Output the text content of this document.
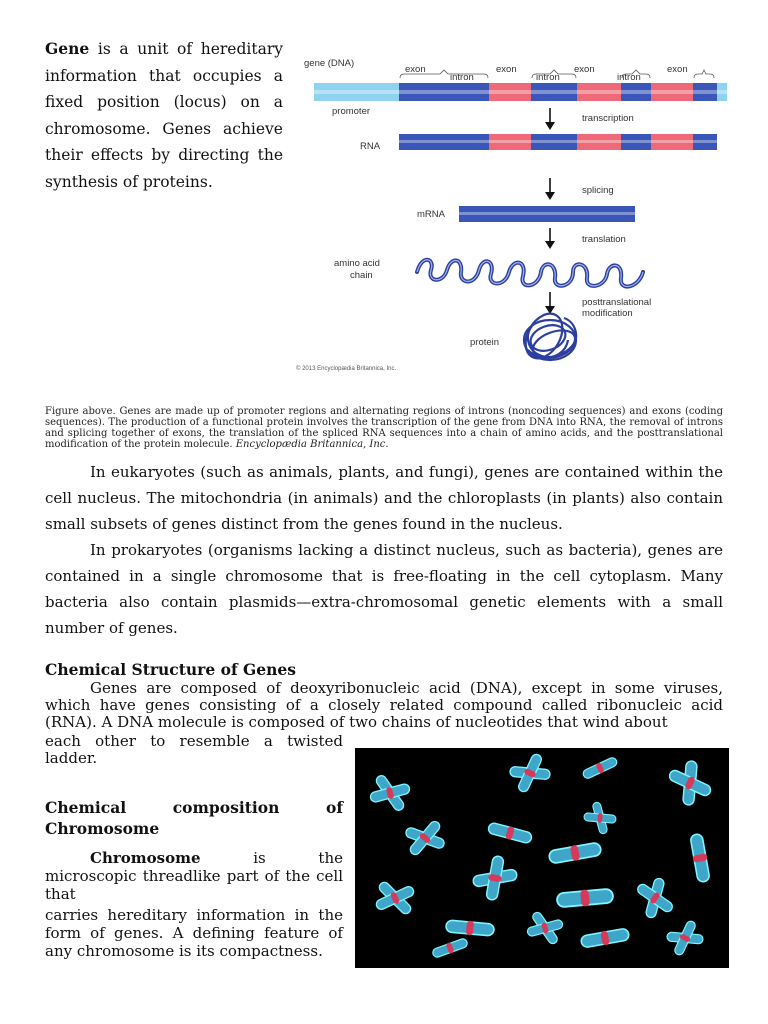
Gene is a unit of hereditary information that occupies a fixed position (locus) on a chromosome. Genes achieve their effects by directing the synthesis of proteins.
gene (DNA)
exon
intron
exon
intron
exon
intron
exon
promoter
transcription
RNA
splicing
mRNA
translation
amino acid
chain
posttranslational
modification
protein
© 2013 Encyclopædia Britannica, Inc.
Figure above. Genes are made up of promoter regions and alternating regions of introns (noncoding sequences) and exons (coding sequences). The production of a functional protein involves the transcription of the gene from DNA into RNA, the removal of introns and splicing together of exons, the translation of the spliced RNA sequences into a chain of amino acids, and the posttranslational modification of the protein molecule. Encyclopædia Britannica, Inc.
In eukaryotes (such as animals, plants, and fungi), genes are contained within the cell nucleus. The mitochondria (in animals) and the chloroplasts (in plants) also contain small subsets of genes distinct from the genes found in the nucleus.
In prokaryotes (organisms lacking a distinct nucleus, such as bacteria), genes are contained in a single chromosome that is free-floating in the cell cytoplasm. Many bacteria also contain plasmids—extra-chromosomal genetic elements with a small number of genes.
Chemical Structure of Genes
Genes are composed of deoxyribonucleic acid (DNA), except in some viruses, which have genes consisting of a closely related compound called ribonucleic acid (RNA). A DNA molecule is composed of two chains of nucleotides that wind about
each other to resemble a twisted ladder.
Chemical composition of Chromosome
Chromosome is the microscopic threadlike part of the cell that
carries hereditary information in the form of genes. A defining feature of any chromosome is its compactness.
